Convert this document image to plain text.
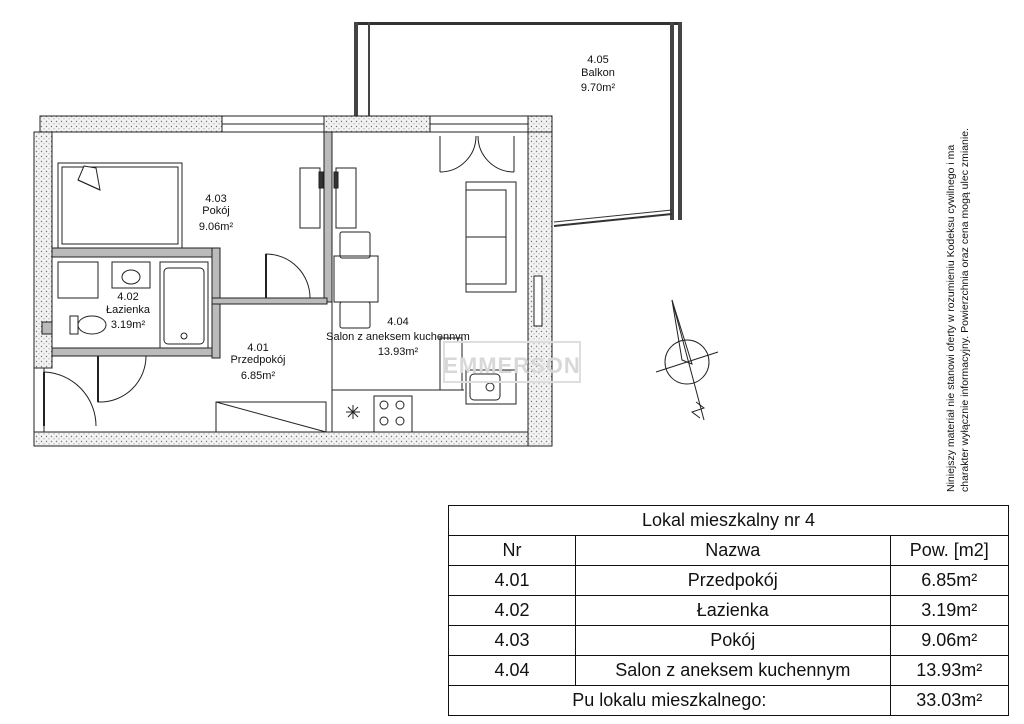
4.05
Balkon
9.70m²
4.03
Pokój
9.06m²
4.02
Łazienka
3.19m²
4.01
Przedpokój
6.85m²
4.04
Salon z aneksem kuchennym
13.93m²
EMMERSON	Niniejszy materiał nie stanowi oferty w rozumieniu Kodeksu cywilnego i ma charakter wyłącznie informacyjny. Powierzchnia oraz cena mogą ulec zmianie.

Lokal mieszkalny nr 4		
Nr	Nazwa	Pow. [m2]
4.01	Przedpokój	6.85m²
4.02	Łazienka	3.19m²
4.03	Pokój	9.06m²
4.04	Salon z aneksem kuchennym	13.93m²
Pu lokalu mieszkalnego:		33.03m²
